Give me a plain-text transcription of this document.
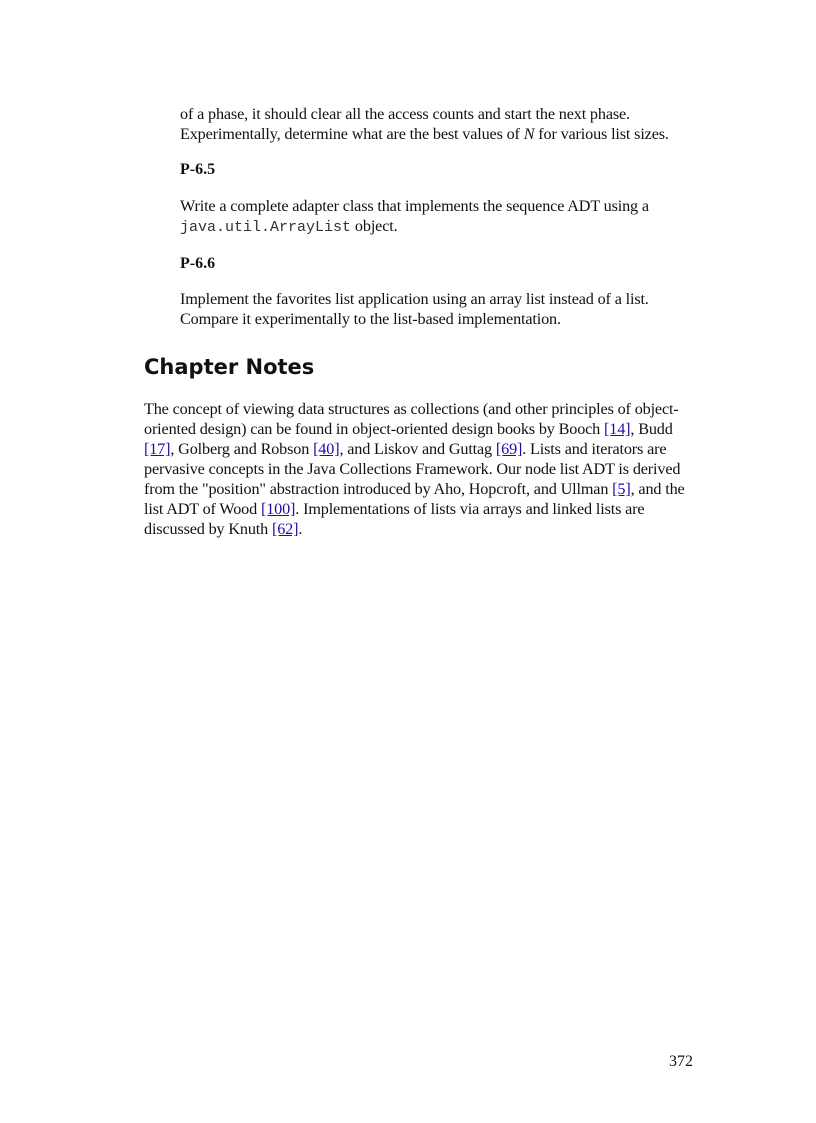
of a phase, it should clear all the access counts and start the next phase.
Experimentally, determine what are the best values of N for various list sizes.

P-6.5

Write a complete adapter class that implements the sequence ADT using a
java.util.ArrayList object.

P-6.6

Implement the favorites list application using an array list instead of a list.
Compare it experimentally to the list-based implementation.

Chapter Notes

The concept of viewing data structures as collections (and other principles of object-
oriented design) can be found in object-oriented design books by Booch [14], Budd
[17], Golberg and Robson [40], and Liskov and Guttag [69]. Lists and iterators are
pervasive concepts in the Java Collections Framework. Our node list ADT is derived
from the "position" abstraction introduced by Aho, Hopcroft, and Ullman [5], and the
list ADT of Wood [100]. Implementations of lists via arrays and linked lists are
discussed by Knuth [62].

372
